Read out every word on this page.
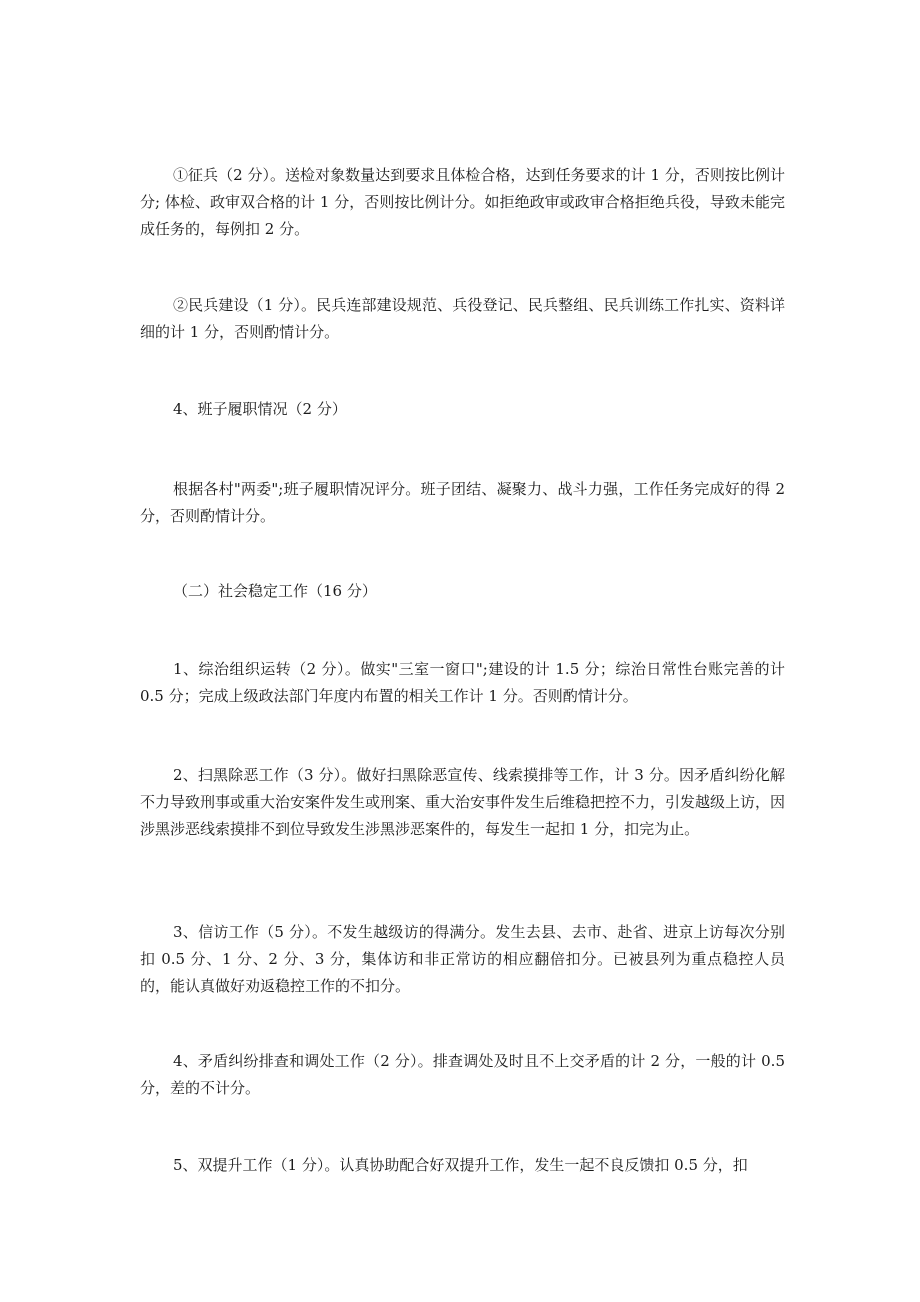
①征兵（2 分）。送检对象数量达到要求且体检合格，达到任务要求的计 1 分，否则按比例计分; 体检、政审双合格的计 1 分，否则按比例计分。如拒绝政审或政审合格拒绝兵役，导致未能完成任务的，每例扣 2 分。

②民兵建设（1 分）。民兵连部建设规范、兵役登记、民兵整组、民兵训练工作扎实、资料详细的计 1 分，否则酌情计分。

4、班子履职情况（2 分）

根据各村"两委";班子履职情况评分。班子团结、凝聚力、战斗力强，工作任务完成好的得 2 分，否则酌情计分。

（二）社会稳定工作（16 分）

1、综治组织运转（2 分）。做实"三室一窗口";建设的计 1.5 分；综治日常性台账完善的计 0.5 分；完成上级政法部门年度内布置的相关工作计 1 分。否则酌情计分。

2、扫黑除恶工作（3 分）。做好扫黑除恶宣传、线索摸排等工作，计 3 分。因矛盾纠纷化解不力导致刑事或重大治安案件发生或刑案、重大治安事件发生后维稳把控不力，引发越级上访，因涉黑涉恶线索摸排不到位导致发生涉黑涉恶案件的，每发生一起扣 1 分，扣完为止。

3、信访工作（5 分）。不发生越级访的得满分。发生去县、去市、赴省、进京上访每次分别扣 0.5 分、1 分、2 分、3 分，集体访和非正常访的相应翻倍扣分。已被县列为重点稳控人员的，能认真做好劝返稳控工作的不扣分。

4、矛盾纠纷排查和调处工作（2 分）。排查调处及时且不上交矛盾的计 2 分，一般的计 0.5 分，差的不计分。

5、双提升工作（1 分）。认真协助配合好双提升工作，发生一起不良反馈扣 0.5 分，扣
